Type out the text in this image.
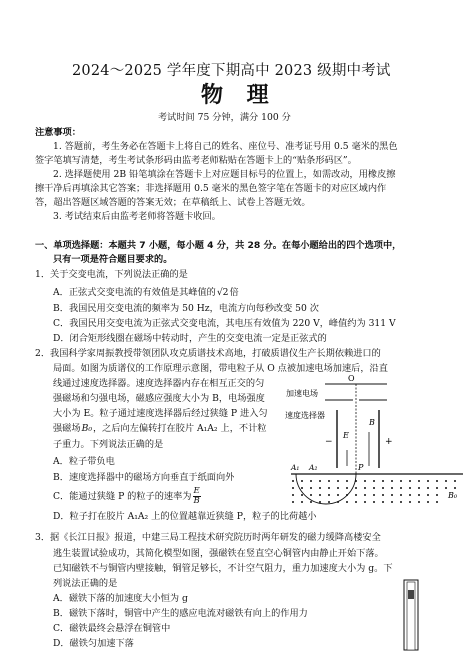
2024～2025 学年度下期高中 2023 级期中考试
物 理
考试时间 75 分钟，满分 100 分
注意事项：
1. 答题前，考生务必在答题卡上将自己的姓名、座位号、准考证号用 0.5 毫米的黑色
签字笔填写清楚，考生考试条形码由监考老师粘贴在答题卡上的“贴条形码区”。
2. 选择题使用 2B 铅笔填涂在答题卡上对应题目标号的位置上，如需改动，用橡皮擦
擦干净后再填涂其它答案；非选择题用 0.5 毫米的黑色签字笔在答题卡的对应区域内作
答，超出答题区域答题的答案无效；在草稿纸上、试卷上答题无效。
3. 考试结束后由监考老师将答题卡收回。
一、单项选择题：本题共 7 小题，每小题 4 分，共 28 分。在每小题给出的四个选项中，
只有一项是符合题目要求的。
1．关于交变电流，下列说法正确的是
A．正弦式交变电流的有效值是其峰值的√2倍
B．我国民用交变电流的频率为 50 Hz，电流方向每秒改变 50 次
C．我国民用交变电流为正弦式交变电流，其电压有效值为 220 V，峰值约为 311 V
D．闭合矩形线圈在磁场中转动时，产生的交变电流一定是正弦式的
2．我国科学家周振教授带领团队攻克质谱技术高地，打破质谱仪生产长期依赖进口的
局面。如图为质谱仪的工作原理示意图，带电粒子从 O 点被加速电场加速后，沿直
线通过速度选择器。速度选择器内存在相互正交的匀
强磁场和匀强电场，磁感应强度大小为 B，电场强度
大小为 E。粒子通过速度选择器后经过狭缝 P 进入匀
强磁场B₀，之后向左偏转打在胶片 A₁A₂ 上，不计粒
子重力。下列说法正确的是
A．粒子带负电
B．速度选择器中的磁场方向垂直于纸面向外
C．能通过狭缝 P 的粒子的速率为 $\frac{E}{B}$
D．粒子打在胶片 A₁A₂ 上的位置越靠近狭缝 P，粒子的比荷越小
O
加速电场
速度选择器
−	+
E
B
P
A₁ A₂
B₀
3．据《长江日报》报道，中建三局工程技术研究院历时两年研发的磁力缓降高楼安全
逃生装置试验成功，其简化模型如图，强磁铁在竖直空心铜管内由静止开始下落。
已知磁铁不与铜管内壁接触，铜管足够长，不计空气阻力，重力加速度大小为 g。下
列说法正确的是
A．磁铁下落的加速度大小恒为 g
B．磁铁下落时，铜管中产生的感应电流对磁铁有向上的作用力
C．磁铁最终会悬浮在铜管中
D．磁铁匀加速下落
